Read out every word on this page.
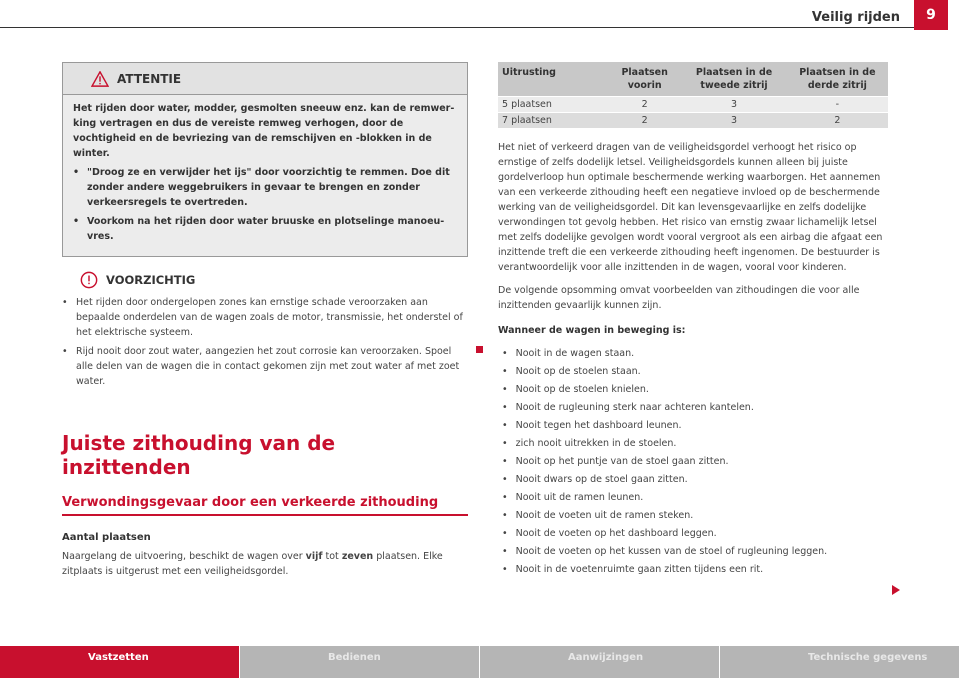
Veilig rijden	9
ATTENTIE

Het rijden door water, modder, gesmolten sneeuw enz. kan de remwerking vertragen en dus de vereiste remweg verhogen, door de vochtigheid en de bevriezing van de remschijven en -blokken in de winter.

• "Droog ze en verwijder het ijs" door voorzichtig te remmen. Doe dit zonder andere weggebruikers in gevaar te brengen en zonder verkeersregels te overtreden.

• Voorkom na het rijden door water bruuske en plotselinge manoeuvres.

VOORZICHTIG
• Het rijden door ondergelopen zones kan ernstige schade veroorzaken aan bepaalde onderdelen van de wagen zoals de motor, transmissie, het onderstel of het elektrische systeem.

• Rijd nooit door zout water, aangezien het zout corrosie kan veroorzaken. Spoel alle delen van de wagen die in contact gekomen zijn met zout water af met zoet water.

Juiste zithouding van de inzittenden
Verwondingsgevaar door een verkeerde zithouding
Aantal plaatsen

Naargelang de uitvoering, beschikt de wagen over vijf tot zeven plaatsen. Elke zitplaats is uitgerust met een veiligheidsgordel.

Uitrusting	Plaatsen voorin	Plaatsen in de tweede zitrij	Plaatsen in de derde zitrij
5 plaatsen	2	3	-
7 plaatsen	2	3	2

Het niet of verkeerd dragen van de veiligheidsgordel verhoogt het risico op ernstige of zelfs dodelijk letsel. Veiligheidsgordels kunnen alleen bij juiste gordelverloop hun optimale beschermende werking waarborgen. Het aannemen van een verkeerde zithouding heeft een negatieve invloed op de beschermende werking van de veiligheidsgordel. Dit kan levensgevaarlijke en zelfs dodelijke verwondingen tot gevolg hebben. Het risico van ernstig zwaar lichamelijk letsel met zelfs dodelijke gevolgen wordt vooral vergroot als een airbag die afgaat een inzittende treft die een verkeerde zithouding heeft ingenomen. De bestuurder is verantwoordelijk voor alle inzittenden in de wagen, vooral voor kinderen.

De volgende opsomming omvat voorbeelden van zithoudingen die voor alle inzittenden gevaarlijk kunnen zijn.

Wanneer de wagen in beweging is:

• Nooit in de wagen staan.
• Nooit op de stoelen staan.
• Nooit op de stoelen knielen.
• Nooit de rugleuning sterk naar achteren kantelen.
• Nooit tegen het dashboard leunen.
• zich nooit uitrekken in de stoelen.
• Nooit op het puntje van de stoel gaan zitten.
• Nooit dwars op de stoel gaan zitten.
• Nooit uit de ramen leunen.
• Nooit de voeten uit de ramen steken.
• Nooit de voeten op het dashboard leggen.
• Nooit de voeten op het kussen van de stoel of rugleuning leggen.
• Nooit in de voetenruimte gaan zitten tijdens een rit.
Vastzetten	Bedienen	Aanwijzingen	Technische gegevens
